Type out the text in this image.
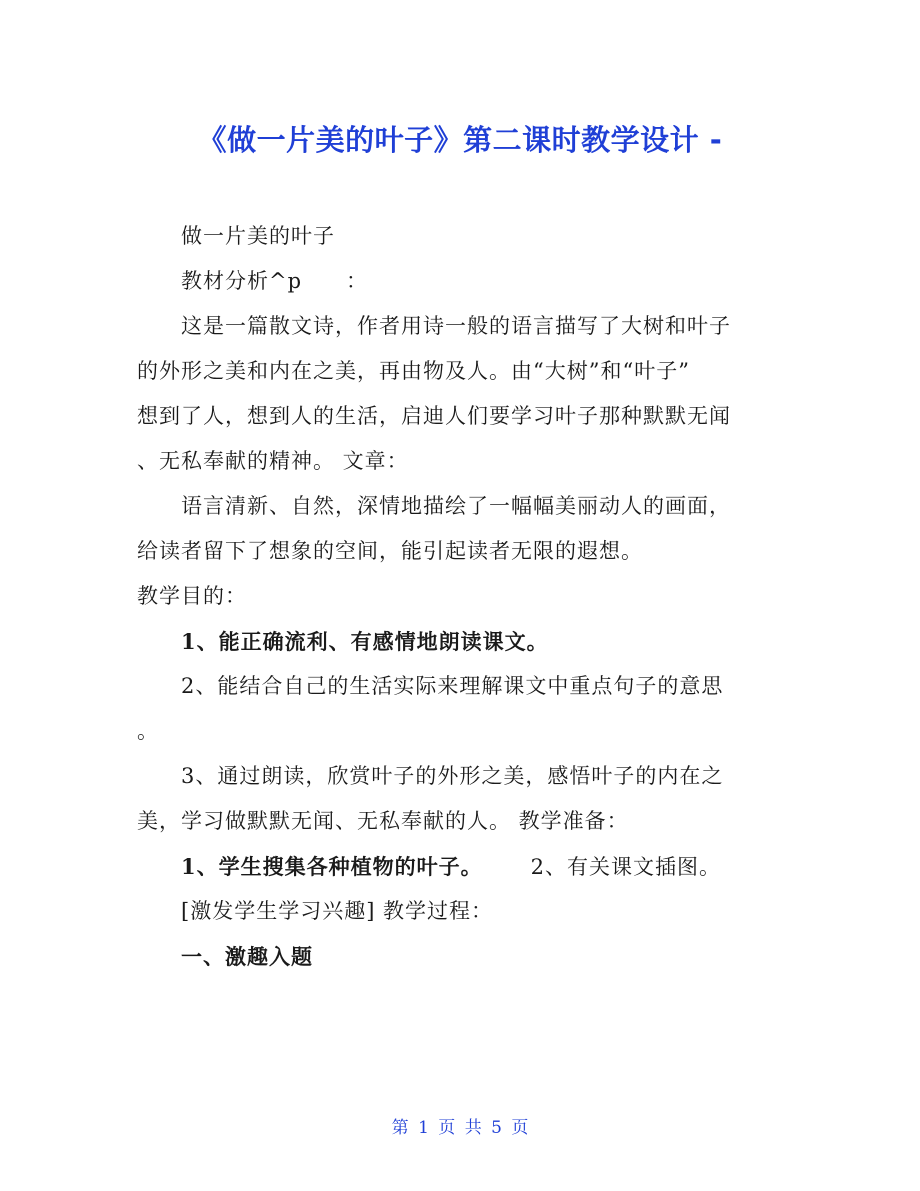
《做一片美的叶子》第二课时教学设计 -
做一片美的叶子
教材分析^p　　：
这是一篇散文诗，作者用诗一般的语言描写了大树和叶子
的外形之美和内在之美，再由物及人。由“大树”和“叶子”
想到了人，想到人的生活，启迪人们要学习叶子那种默默无闻
、无私奉献的精神。 文章：
语言清新、自然，深情地描绘了一幅幅美丽动人的画面，
给读者留下了想象的空间，能引起读者无限的遐想。
教学目的：
1、能正确流利、有感情地朗读课文。
2、能结合自己的生活实际来理解课文中重点句子的意思
。
3、通过朗读，欣赏叶子的外形之美，感悟叶子的内在之
美，学习做默默无闻、无私奉献的人。 教学准备：
1、学生搜集各种植物的叶子。 2、有关课文插图。
[激发学生学习兴趣] 教学过程：
一、激趣入题
第 1 页 共 5 页
